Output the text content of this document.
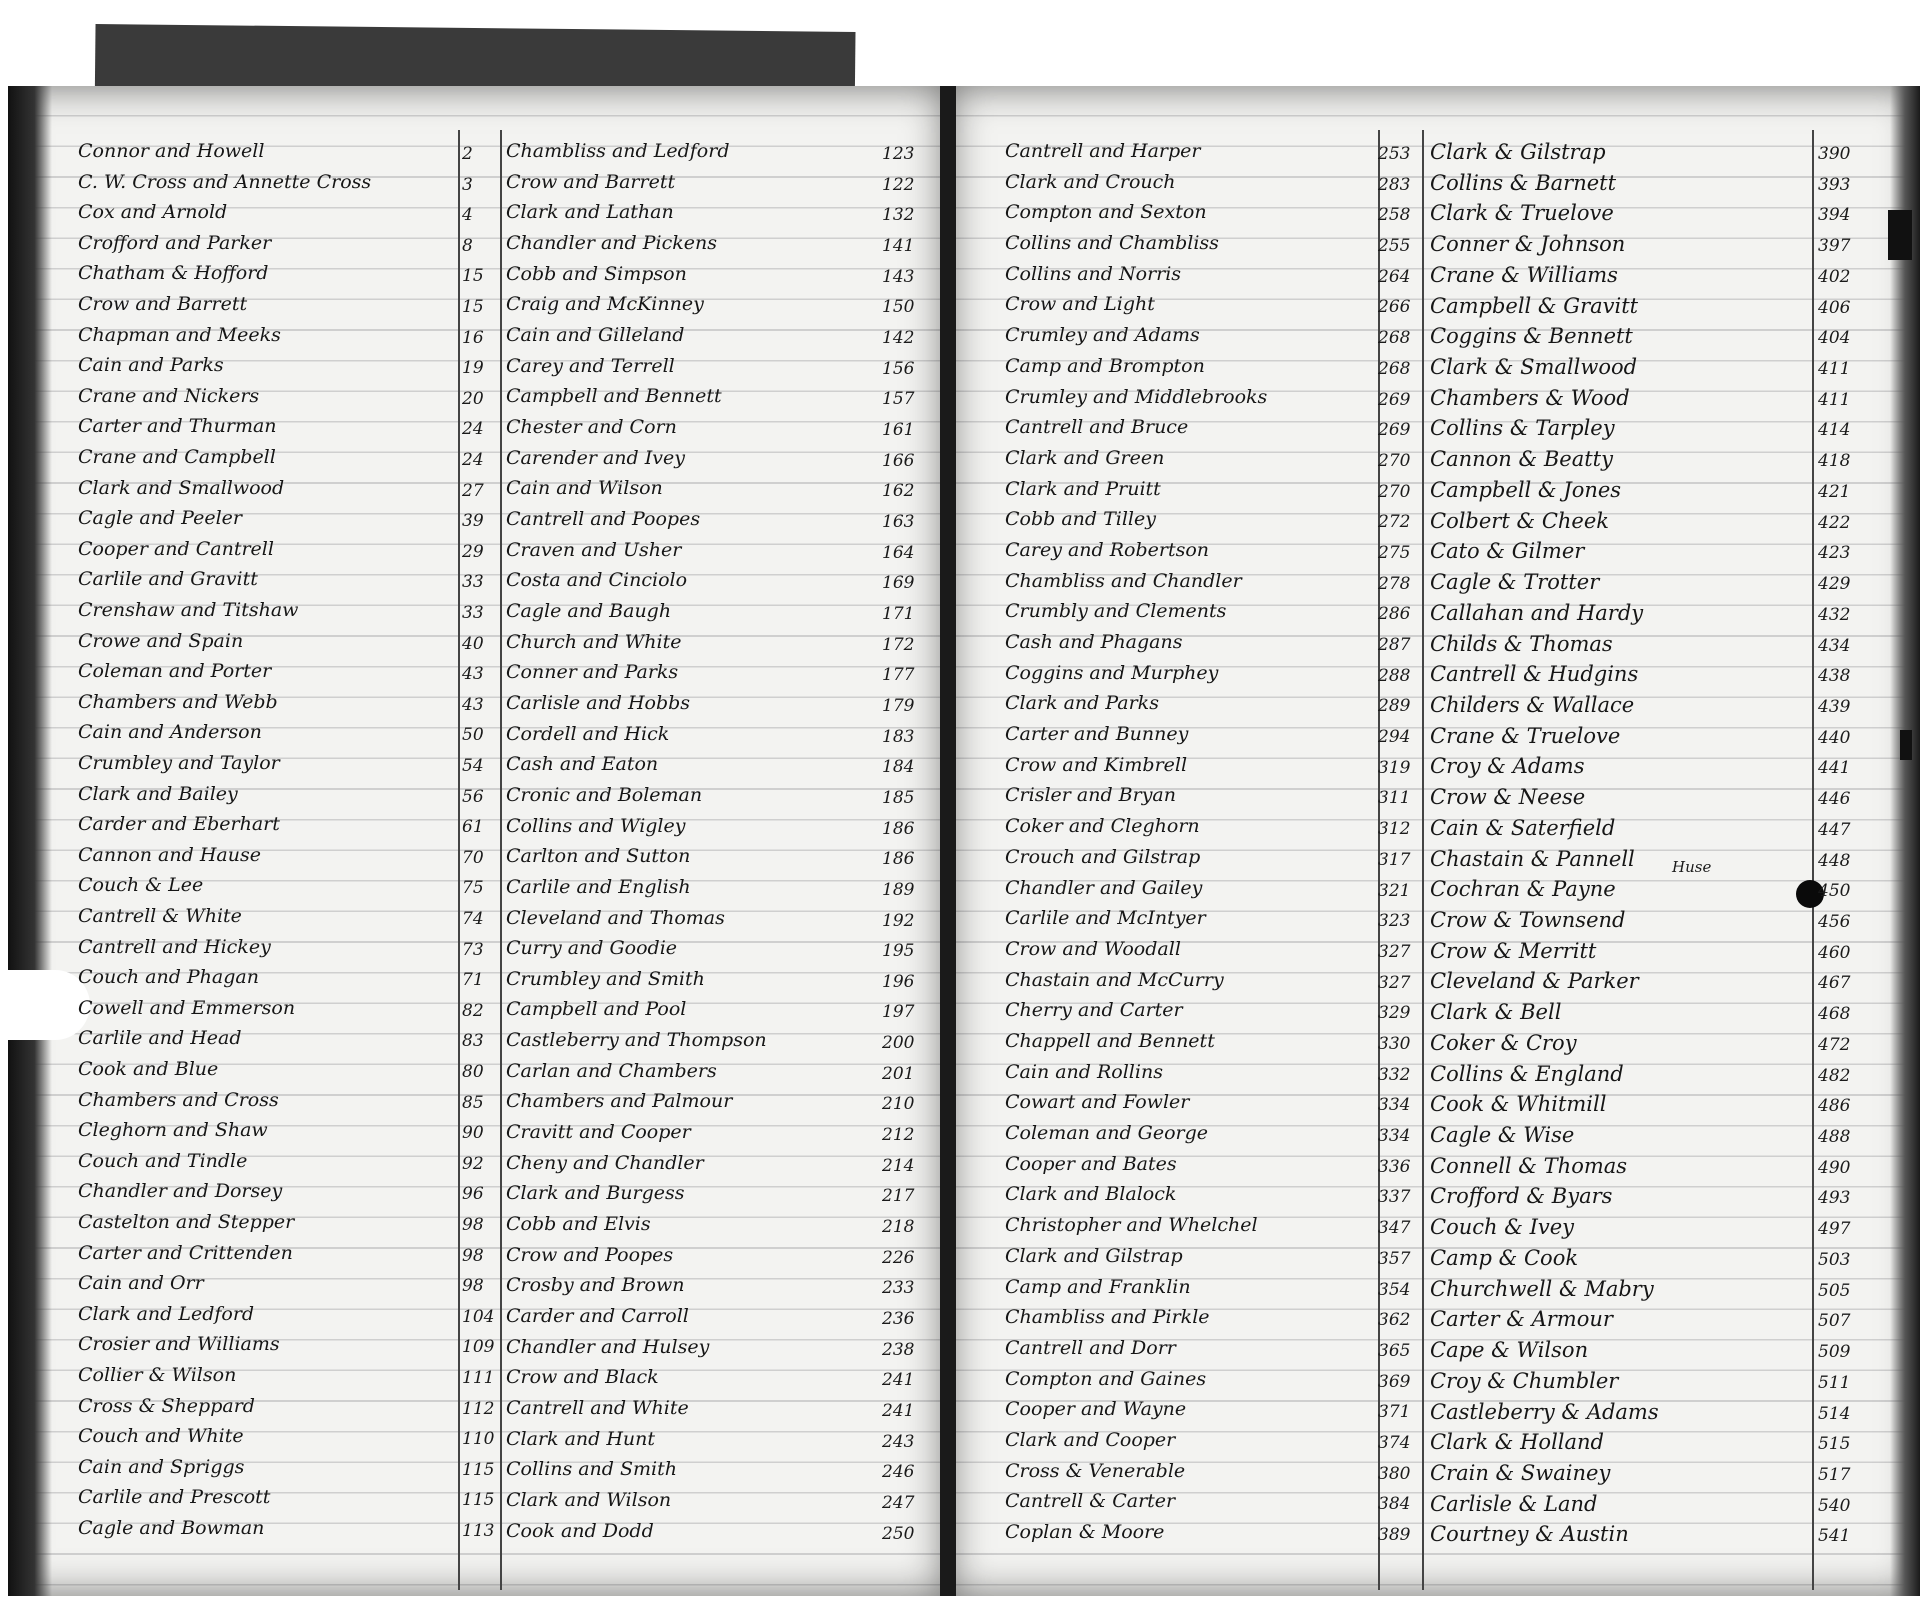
Connor and Howell	2
C. W. Cross and Annette Cross	3
Cox and Arnold	4
Crofford and Parker	8
Chatham & Hofford	15
Crow and Barrett	15
Chapman and Meeks	16
Cain and Parks	19
Crane and Nickers	20
Carter and Thurman	24
Crane and Campbell	24
Clark and Smallwood	27
Cagle and Peeler	39
Cooper and Cantrell	29
Carlile and Gravitt	33
Crenshaw and Titshaw	33
Crowe and Spain	40
Coleman and Porter	43
Chambers and Webb	43
Cain and Anderson	50
Crumbley and Taylor	54
Clark and Bailey	56
Carder and Eberhart	61
Cannon and Hause	70
Couch & Lee	75
Cantrell & White	74
Cantrell and Hickey	73
Couch and Phagan	71
Cowell and Emmerson	82
Carlile and Head	83
Cook and Blue	80
Chambers and Cross	85
Cleghorn and Shaw	90
Couch and Tindle	92
Chandler and Dorsey	96
Castelton and Stepper	98
Carter and Crittenden	98
Cain and Orr	98
Clark and Ledford	104
Crosier and Williams	109
Collier & Wilson	111
Cross & Sheppard	112
Couch and White	110
Cain and Spriggs	115
Carlile and Prescott	115
Cagle and Bowman	113
Chambliss and Ledford	123
Crow and Barrett	122
Clark and Lathan	132
Chandler and Pickens	141
Cobb and Simpson	143
Craig and McKinney	150
Cain and Gilleland	142
Carey and Terrell	156
Campbell and Bennett	157
Chester and Corn	161
Carender and Ivey	166
Cain and Wilson	162
Cantrell and Poopes	163
Craven and Usher	164
Costa and Cinciolo	169
Cagle and Baugh	171
Church and White	172
Conner and Parks	177
Carlisle and Hobbs	179
Cordell and Hick	183
Cash and Eaton	184
Cronic and Boleman	185
Collins and Wigley	186
Carlton and Sutton	186
Carlile and English	189
Cleveland and Thomas	192
Curry and Goodie	195
Crumbley and Smith	196
Campbell and Pool	197
Castleberry and Thompson	200
Carlan and Chambers	201
Chambers and Palmour	210
Cravitt and Cooper	212
Cheny and Chandler	214
Clark and Burgess	217
Cobb and Elvis	218
Crow and Poopes	226
Crosby and Brown	233
Carder and Carroll	236
Chandler and Hulsey	238
Crow and Black	241
Cantrell and White	241
Clark and Hunt	243
Collins and Smith	246
Clark and Wilson	247
Cook and Dodd	250
Cantrell and Harper	253
Clark and Crouch	283
Compton and Sexton	258
Collins and Chambliss	255
Collins and Norris	264
Crow and Light	266
Crumley and Adams	268
Camp and Brompton	268
Crumley and Middlebrooks	269
Cantrell and Bruce	269
Clark and Green	270
Clark and Pruitt	270
Cobb and Tilley	272
Carey and Robertson	275
Chambliss and Chandler	278
Crumbly and Clements	286
Cash and Phagans	287
Coggins and Murphey	288
Clark and Parks	289
Carter and Bunney	294
Crow and Kimbrell	319
Crisler and Bryan	311
Coker and Cleghorn	312
Crouch and Gilstrap	317
Chandler and Gailey	321
Carlile and McIntyer	323
Crow and Woodall	327
Chastain and McCurry	327
Cherry and Carter	329
Chappell and Bennett	330
Cain and Rollins	332
Cowart and Fowler	334
Coleman and George	334
Cooper and Bates	336
Clark and Blalock	337
Christopher and Whelchel	347
Clark and Gilstrap	357
Camp and Franklin	354
Chambliss and Pirkle	362
Cantrell and Dorr	365
Compton and Gaines	369
Cooper and Wayne	371
Clark and Cooper	374
Cross & Venerable	380
Cantrell & Carter	384
Coplan & Moore	389
Clark & Gilstrap	390
Collins & Barnett	393
Clark & Truelove	394
Conner & Johnson	397
Crane & Williams	402
Campbell & Gravitt	406
Coggins & Bennett	404
Clark & Smallwood	411
Chambers & Wood	411
Collins & Tarpley	414
Cannon & Beatty	418
Campbell & Jones	421
Colbert & Cheek	422
Cato & Gilmer	423
Cagle & Trotter	429
Callahan and Hardy	432
Childs & Thomas	434
Cantrell & Hudgins	438
Childers & Wallace	439
Crane & Truelove	440
Croy & Adams	441
Crow & Neese	446
Cain & Saterfield	447
Chastain & Pannell	448
Cochran & Payne	450
Crow & Townsend	456
Crow & Merritt	460
Cleveland & Parker	467
Clark & Bell	468
Coker & Croy	472
Collins & England	482
Cook & Whitmill	486
Cagle & Wise	488
Connell & Thomas	490
Crofford & Byars	493
Couch & Ivey	497
Camp & Cook	503
Churchwell & Mabry	505
Carter & Armour	507
Cape & Wilson	509
Croy & Chumbler	511
Castleberry & Adams	514
Clark & Holland	515
Crain & Swainey	517
Carlisle & Land	540
Courtney & Austin	541
Huse
